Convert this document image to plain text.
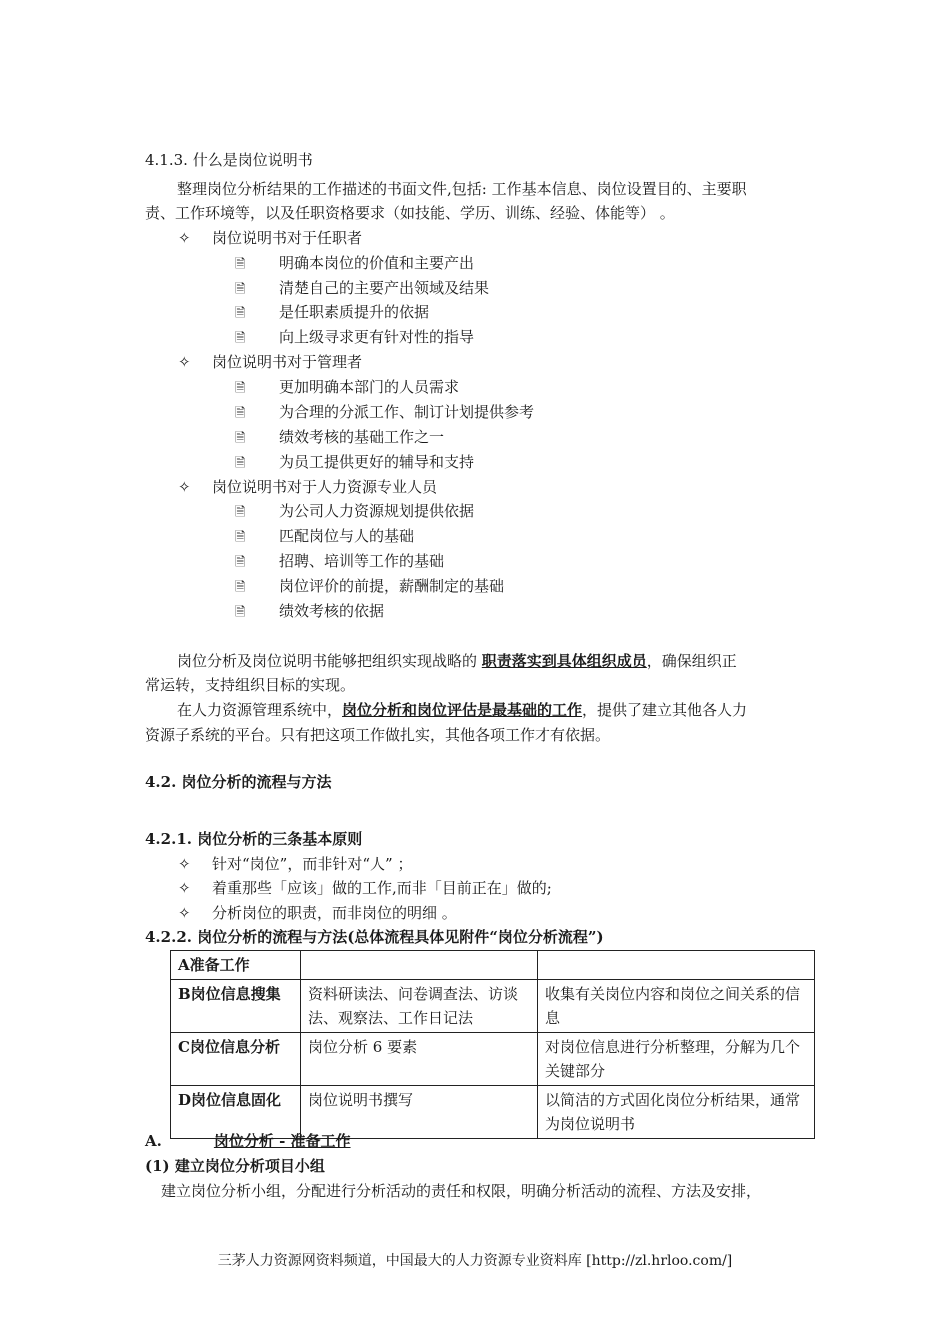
4.1.3. 什么是岗位说明书
整理岗位分析结果的工作描述的书面文件,包括: 工作基本信息、岗位设置目的、主要职
责、工作环境等，以及任职资格要求（如技能、学历、训练、经验、体能等） 。
✧ 岗位说明书对于任职者
🗎 明确本岗位的价值和主要产出
🗎 清楚自己的主要产出领域及结果
🗎 是任职素质提升的依据
🗎 向上级寻求更有针对性的指导
✧ 岗位说明书对于管理者
🗎 更加明确本部门的人员需求
🗎 为合理的分派工作、制订计划提供参考
🗎 绩效考核的基础工作之一
🗎 为员工提供更好的辅导和支持
✧ 岗位说明书对于人力资源专业人员
🗎 为公司人力资源规划提供依据
🗎 匹配岗位与人的基础
🗎 招聘、培训等工作的基础
🗎 岗位评价的前提，薪酬制定的基础
🗎 绩效考核的依据
岗位分析及岗位说明书能够把组织实现战略的 职责落实到具体组织成员，确保组织正
常运转，支持组织目标的实现。
在人力资源管理系统中，岗位分析和岗位评估是最基础的工作，提供了建立其他各人力
资源子系统的平台。只有把这项工作做扎实，其他各项工作才有依据。
4.2. 岗位分析的流程与方法
4.2.1. 岗位分析的三条基本原则
✧ 针对“岗位”，而非针对“人” ；
✧ 着重那些「应该」做的工作,而非「目前正在」做的;
✧ 分析岗位的职责，而非岗位的明细 。
4.2.2. 岗位分析的流程与方法(总体流程具体见附件“岗位分析流程”)
A准备工作		
B岗位信息搜集	资料研读法、问卷调查法、访谈法、观察法、工作日记法	收集有关岗位内容和岗位之间关系的信息
C岗位信息分析	岗位分析 6 要素	对岗位信息进行分析整理，分解为几个关键部分
D岗位信息固化	岗位说明书撰写	以简洁的方式固化岗位分析结果，通常为岗位说明书
A.	岗位分析 - 准备工作
(1) 建立岗位分析项目小组
建立岗位分析小组，分配进行分析活动的责任和权限，明确分析活动的流程、方法及安排，
三茅人力资源网资料频道，中国最大的人力资源专业资料库 [http://zl.hrloo.com/]
